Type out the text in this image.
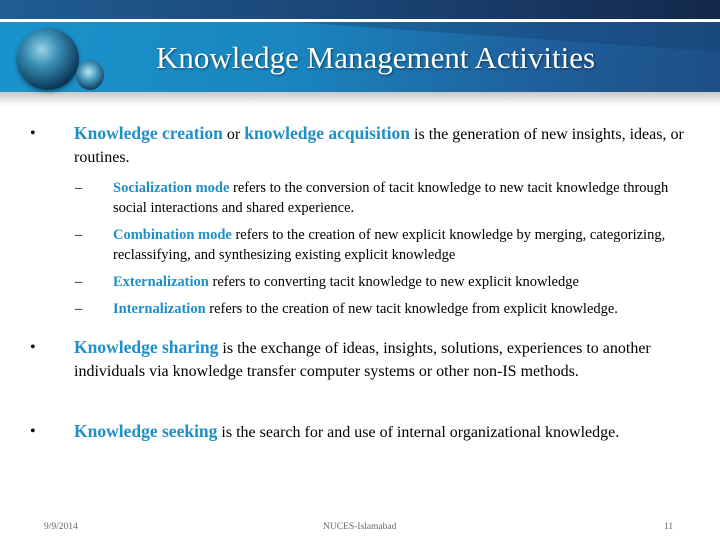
Knowledge Management Activities
• Knowledge creation or knowledge acquisition is the generation of new insights, ideas, or routines.
– Socialization mode refers to the conversion of tacit knowledge to new tacit knowledge through social interactions and shared experience.
– Combination mode refers to the creation of new explicit knowledge by merging, categorizing, reclassifying, and synthesizing existing explicit knowledge
– Externalization refers to converting tacit knowledge to new explicit knowledge
– Internalization refers to the creation of new tacit knowledge from explicit knowledge.
• Knowledge sharing is the exchange of ideas, insights, solutions, experiences to another individuals via knowledge transfer computer systems or other non-IS methods.
• Knowledge seeking is the search for and use of internal organizational knowledge.
9/9/2014	NUCES-Islamabad	11
